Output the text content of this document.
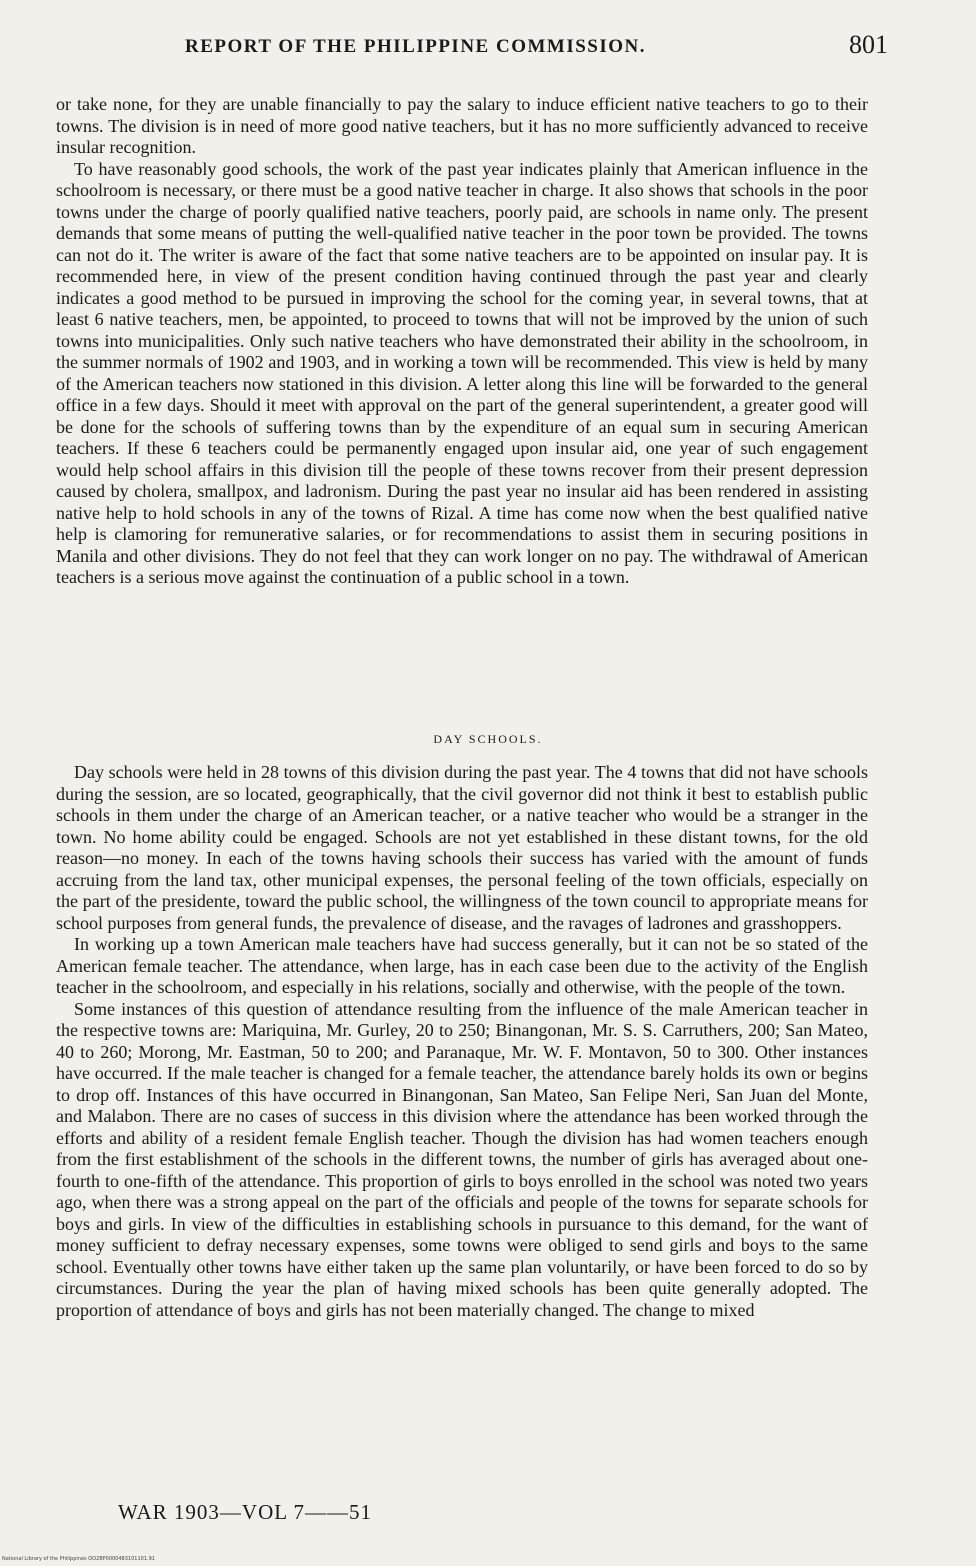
REPORT OF THE PHILIPPINE COMMISSION.	801

or take none, for they are unable financially to pay the salary to induce efficient native teachers to go to their towns. The division is in need of more good native teachers, but it has no more sufficiently advanced to receive insular recognition.

To have reasonably good schools, the work of the past year indicates plainly that American influence in the schoolroom is necessary, or there must be a good native teacher in charge. It also shows that schools in the poor towns under the charge of poorly qualified native teachers, poorly paid, are schools in name only. The present demands that some means of putting the well-qualified native teacher in the poor town be provided. The towns can not do it. The writer is aware of the fact that some native teachers are to be appointed on insular pay. It is recommended here, in view of the present condition having continued through the past year and clearly indicates a good method to be pursued in improving the school for the coming year, in several towns, that at least 6 native teachers, men, be appointed, to proceed to towns that will not be improved by the union of such towns into municipalities. Only such native teachers who have demonstrated their ability in the schoolroom, in the summer normals of 1902 and 1903, and in working a town will be recommended. This view is held by many of the American teachers now stationed in this division. A letter along this line will be forwarded to the general office in a few days. Should it meet with approval on the part of the general superintendent, a greater good will be done for the schools of suffering towns than by the expenditure of an equal sum in securing American teachers. If these 6 teachers could be permanently engaged upon insular aid, one year of such engagement would help school affairs in this division till the people of these towns recover from their present depression caused by cholera, smallpox, and ladronism. During the past year no insular aid has been rendered in assisting native help to hold schools in any of the towns of Rizal. A time has come now when the best qualified native help is clamoring for remunerative salaries, or for recommendations to assist them in securing positions in Manila and other divisions. They do not feel that they can work longer on no pay. The withdrawal of American teachers is a serious move against the continuation of a public school in a town.

DAY SCHOOLS.

Day schools were held in 28 towns of this division during the past year. The 4 towns that did not have schools during the session, are so located, geographically, that the civil governor did not think it best to establish public schools in them under the charge of an American teacher, or a native teacher who would be a stranger in the town. No home ability could be engaged. Schools are not yet established in these distant towns, for the old reason—no money. In each of the towns having schools their success has varied with the amount of funds accruing from the land tax, other municipal expenses, the personal feeling of the town officials, especially on the part of the presidente, toward the public school, the willingness of the town council to appropriate means for school purposes from general funds, the prevalence of disease, and the ravages of ladrones and grasshoppers.

In working up a town American male teachers have had success generally, but it can not be so stated of the American female teacher. The attendance, when large, has in each case been due to the activity of the English teacher in the schoolroom, and especially in his relations, socially and otherwise, with the people of the town.

Some instances of this question of attendance resulting from the influence of the male American teacher in the respective towns are: Mariquina, Mr. Gurley, 20 to 250; Binangonan, Mr. S. S. Carruthers, 200; San Mateo, 40 to 260; Morong, Mr. Eastman, 50 to 200; and Paranaque, Mr. W. F. Montavon, 50 to 300. Other instances have occurred. If the male teacher is changed for a female teacher, the attendance barely holds its own or begins to drop off. Instances of this have occurred in Binangonan, San Mateo, San Felipe Neri, San Juan del Monte, and Malabon. There are no cases of success in this division where the attendance has been worked through the efforts and ability of a resident female English teacher. Though the division has had women teachers enough from the first establishment of the schools in the different towns, the number of girls has averaged about one-fourth to one-fifth of the attendance. This proportion of girls to boys enrolled in the school was noted two years ago, when there was a strong appeal on the part of the officials and people of the towns for separate schools for boys and girls. In view of the difficulties in establishing schools in pursuance to this demand, for the want of money sufficient to defray necessary expenses, some towns were obliged to send girls and boys to the same school. Eventually other towns have either taken up the same plan voluntarily, or have been forced to do so by circumstances. During the year the plan of having mixed schools has been quite generally adopted. The proportion of attendance of boys and girls has not been materially changed. The change to mixed

WAR 1903—VOL 7——51
National Library of the Philippines DO2BP0000483101101.91
